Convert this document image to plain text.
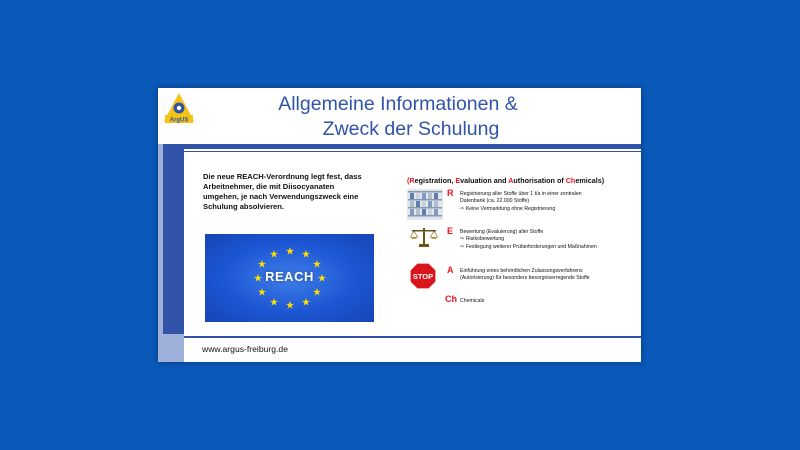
ArgUS
Allgemeine Informationen &
Zweck der Schulung
Die neue REACH-Verordnung legt fest, dass Arbeitnehmer, die mit Diisocyanaten umgehen, je nach Verwendungszweck eine Schulung absolvieren.
REACH
(Registration, Evaluation and Authorisation of Chemicals)
R Registrierung aller Stoffe über 1 t/a in einer zentralen
Datenbank (ca. 22.000 Stoffe)
⇨ Keine Vermarktung ohne Registrierung
E Bewertung (Evaluierung) aller Stoffe
⇨ Risikobewertung
⇨ Festlegung weiterer Prüfanforderungen und Maßnahmen
STOP
A Einführung eines behördlichen Zulassungsverfahrens
(Autorisierung) für besonders besorgniserregende Stoffe
Ch Chemicals
www.argus-freiburg.de
